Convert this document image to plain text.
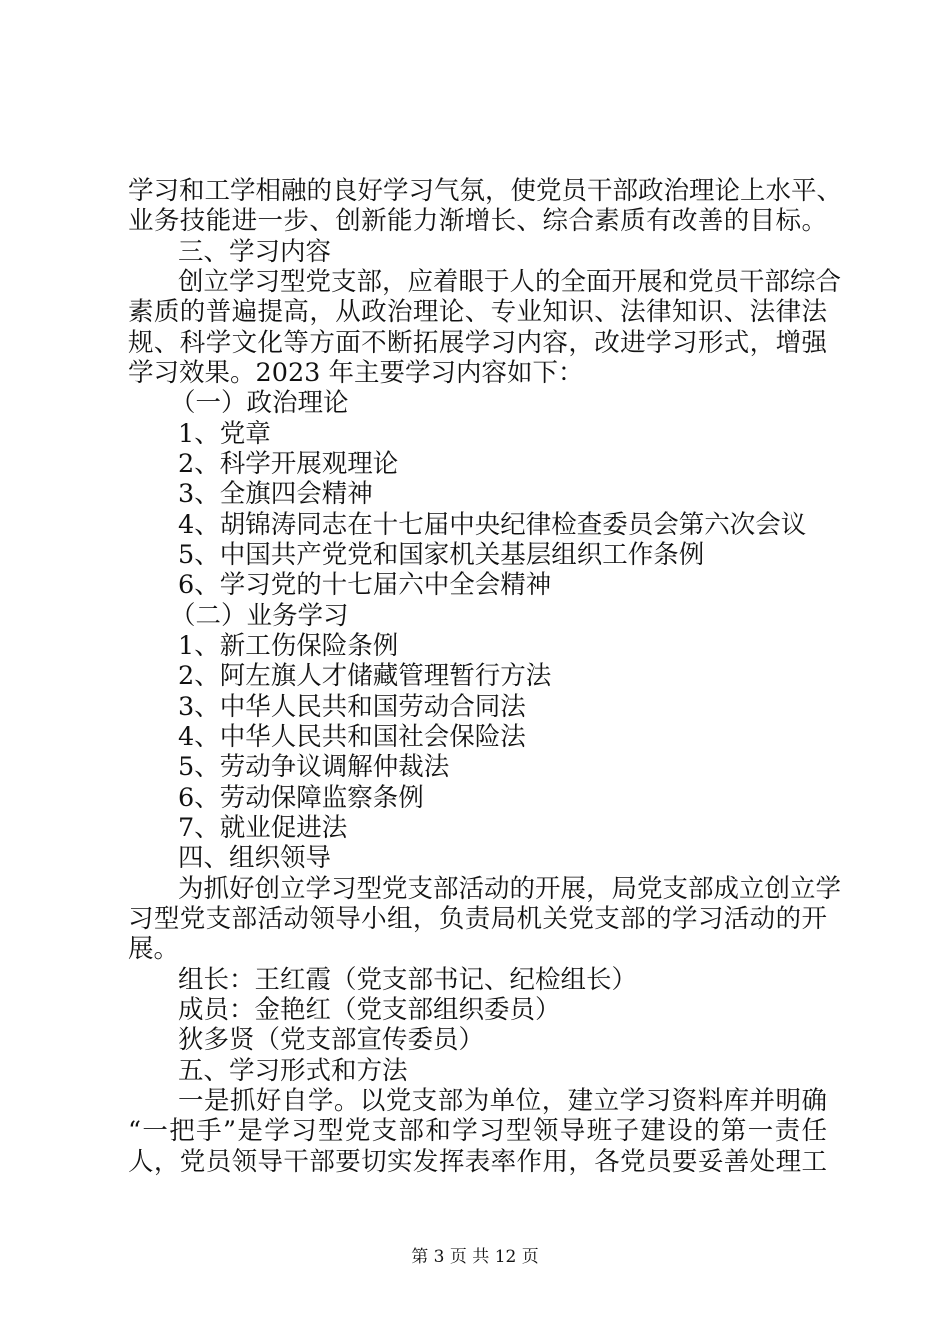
学习和工学相融的良好学习气氛，使党员干部政治理论上水平、
业务技能进一步、创新能力渐增长、综合素质有改善的目标。
三、学习内容
创立学习型党支部，应着眼于人的全面开展和党员干部综合
素质的普遍提高，从政治理论、专业知识、法律知识、法律法
规、科学文化等方面不断拓展学习内容，改进学习形式，增强
学习效果。2023 年主要学习内容如下：
（一）政治理论
1、党章
2、科学开展观理论
3、全旗四会精神
4、胡锦涛同志在十七届中央纪律检查委员会第六次会议
5、中国共产党党和国家机关基层组织工作条例
6、学习党的十七届六中全会精神
（二）业务学习
1、新工伤保险条例
2、阿左旗人才储藏管理暂行方法
3、中华人民共和国劳动合同法
4、中华人民共和国社会保险法
5、劳动争议调解仲裁法
6、劳动保障监察条例
7、就业促进法
四、组织领导
为抓好创立学习型党支部活动的开展，局党支部成立创立学
习型党支部活动领导小组，负责局机关党支部的学习活动的开
展。
组长：王红霞（党支部书记、纪检组长）
成员：金艳红（党支部组织委员）
狄多贤（党支部宣传委员）
五、学习形式和方法
一是抓好自学。以党支部为单位，建立学习资料库并明确
“一把手”是学习型党支部和学习型领导班子建设的第一责任
人，党员领导干部要切实发挥表率作用，各党员要妥善处理工
第 3 页 共 12 页
